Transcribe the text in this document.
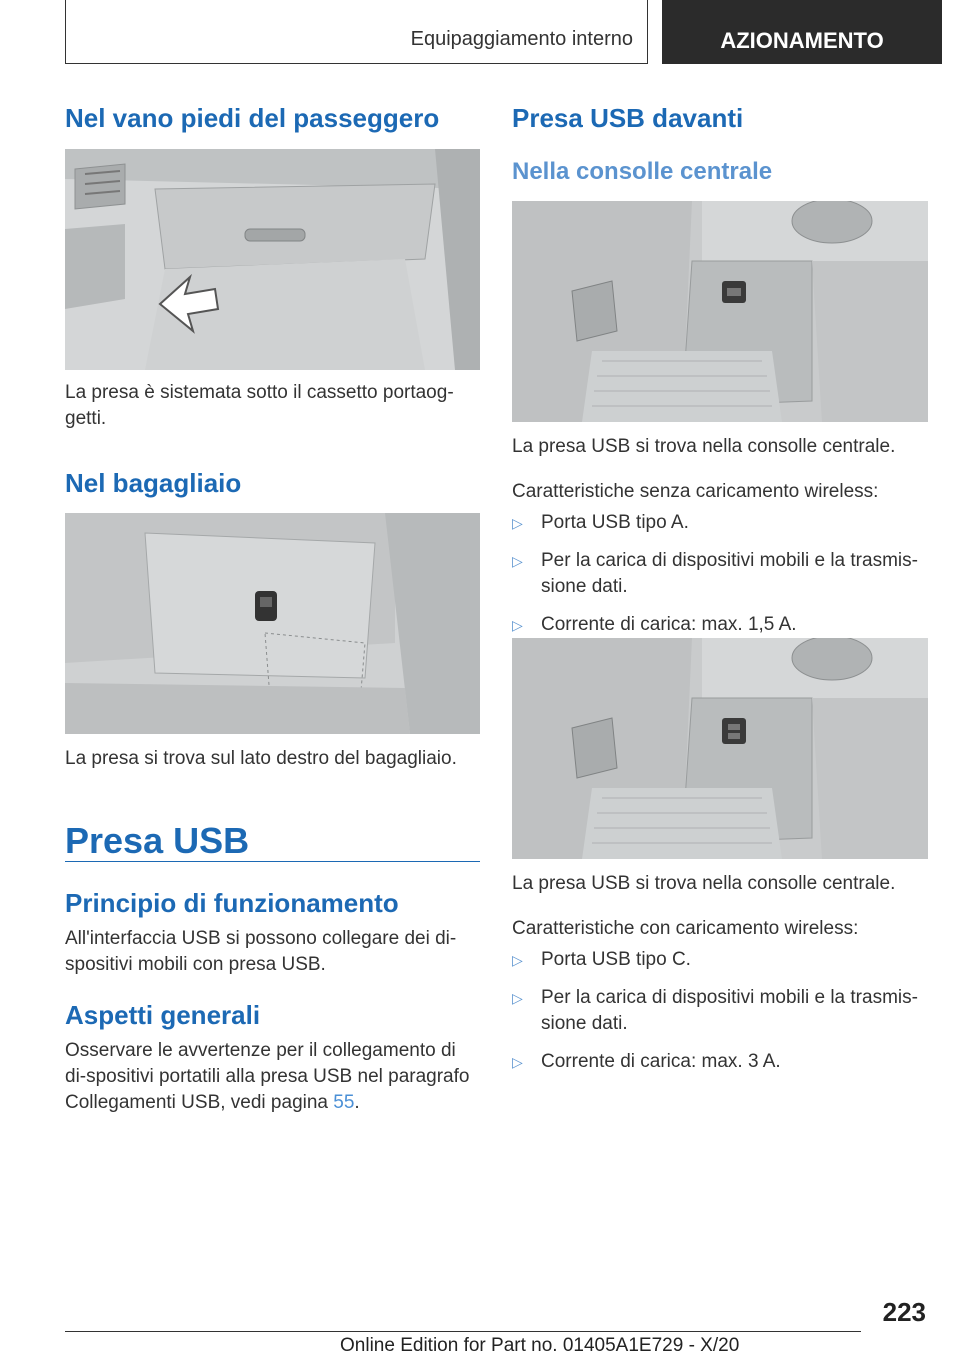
Equipaggiamento interno	AZIONAMENTO
Nel vano piedi del passeggero

La presa è sistemata sotto il cassetto portaog-getti.

Nel bagagliaio

La presa si trova sul lato destro del bagagliaio.

Presa USB
Principio di funzionamento

All'interfaccia USB si possono collegare dei di-spositivi mobili con presa USB.

Aspetti generali

Osservare le avvertenze per il collegamento di di-spositivi portatili alla presa USB nel paragrafo Collegamenti USB, vedi pagina 55.

Presa USB davanti
Nella consolle centrale

La presa USB si trova nella consolle centrale.

Caratteristiche senza caricamento wireless:

▷ Porta USB tipo A.
▷ Per la carica di dispositivi mobili e la trasmis-sione dati.
▷ Corrente di carica: max. 1,5 A.

La presa USB si trova nella consolle centrale.

Caratteristiche con caricamento wireless:

▷ Porta USB tipo C.
▷ Per la carica di dispositivi mobili e la trasmis-sione dati.
▷ Corrente di carica: max. 3 A.
223
Online Edition for Part no. 01405A1E729 - X/20
